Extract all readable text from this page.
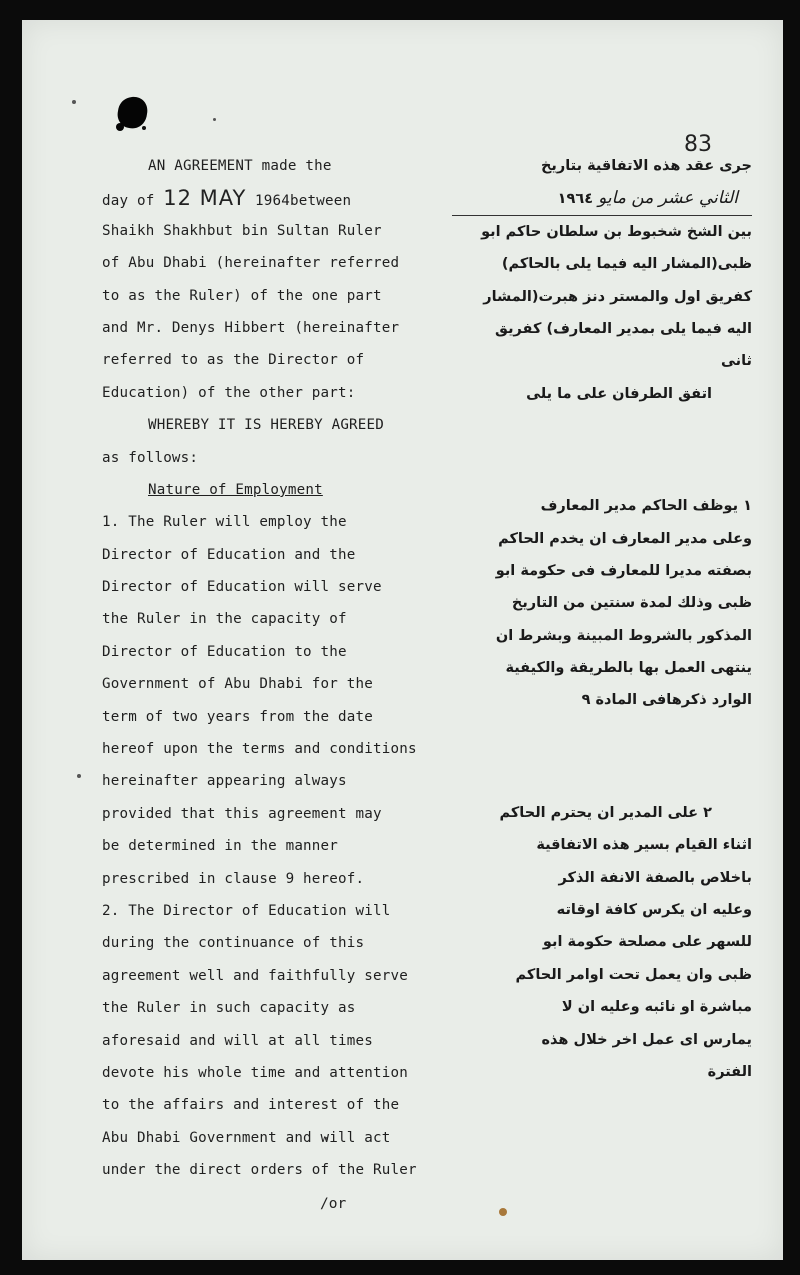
83
AN AGREEMENT made the
day of 12 MAY 1964between
Shaikh Shakhbut bin Sultan Ruler
of Abu Dhabi (hereinafter referred
to as the Ruler) of the one part
and Mr. Denys Hibbert (hereinafter
referred to as the Director of
Education) of the other part:
WHEREBY IT IS HEREBY AGREED
as follows:
Nature of Employment
1. The Ruler will employ the
Director of Education and the
Director of Education will serve
the Ruler in the capacity of
Director of Education to the
Government of Abu Dhabi for the
term of two years from the date
hereof upon the terms and conditions
hereinafter appearing always
provided that this agreement may
be determined in the manner
prescribed in clause 9 hereof.
2. The Director of Education will
during the continuance of this
agreement well and faithfully serve
the Ruler in such capacity as
aforesaid and will at all times
devote his whole time and attention
to the affairs and interest of the
Abu Dhabi Government and will act
under the direct orders of the Ruler
جرى عقد هذه الاتفاقية بتاريخ
الثاني عشر من مايو ١٩٦٤
بين الشخ شخبوط بن سلطان حاكم ابو
ظبى(المشار اليه فيما يلى بالحاكم)
كفريق اول والمستر دنز هبرت(المشار
اليه فيما يلى بمدير المعارف) كفريق
ثانى
اتفق الطرفان على ما يلى
١ يوظف الحاكم مدير المعارف
وعلى مدير المعارف ان يخدم الحاكم
بصفته مديرا للمعارف فى حكومة ابو
ظبى وذلك لمدة سنتين من التاريخ
المذكور بالشروط المبينة وبشرط ان
ينتهى العمل بها بالطريقة والكيفية
الوارد ذكرهافى المادة ٩
٢ على المدير ان يحترم الحاكم
اثناء القيام بسير هذه الاتفاقية
باخلاص بالصفة الانفة الذكر
وعليه ان يكرس كافة اوقاته
للسهر على مصلحة حكومة ابو
ظبى وان يعمل تحت اوامر الحاكم
مباشرة او نائبه وعليه ان لا
يمارس اى عمل اخر خلال هذه
الفترة
/or
